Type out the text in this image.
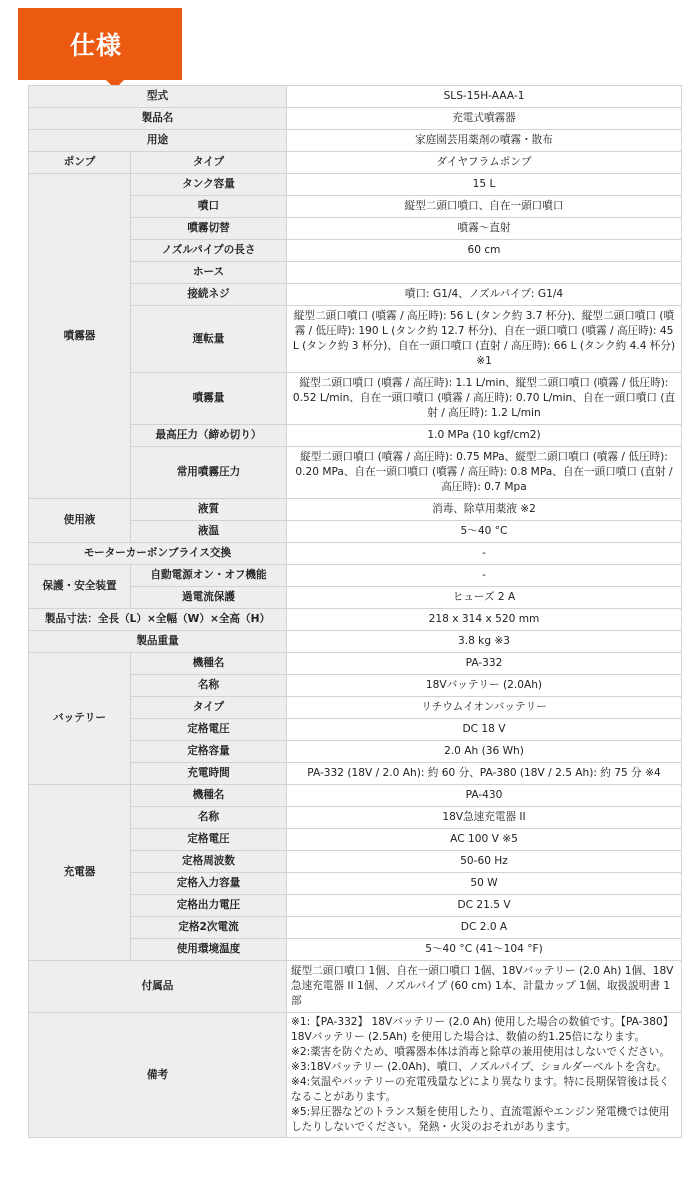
仕様
型式		SLS-15H-AAA-1
製品名		充電式噴霧器
用途		家庭園芸用薬剤の噴霧・散布
ポンプ	タイプ	ダイヤフラムポンプ
噴霧器	タンク容量	15 L
	噴口	縦型二頭口噴口、自在一頭口噴口
	噴霧切替	噴霧〜直射
	ノズルパイプの長さ	60 cm
	ホース	
	接続ネジ	噴口: G1/4、ノズルパイプ: G1/4
	運転量	縦型二頭口噴口 (噴霧 / 高圧時): 56 L (タンク約 3.7 杯分)、縦型二頭口噴口 (噴霧 / 低圧時): 190 L (タンク約 12.7 杯分)、自在一頭口噴口 (噴霧 / 高圧時): 45 L (タンク約 3 杯分)、自在一頭口噴口 (直射 / 高圧時): 66 L (タンク約 4.4 杯分) ※1
	噴霧量	縦型二頭口噴口 (噴霧 / 高圧時): 1.1 L/min、縦型二頭口噴口 (噴霧 / 低圧時): 0.52 L/min、自在一頭口噴口 (噴霧 / 高圧時): 0.70 L/min、自在一頭口噴口 (直射 / 高圧時): 1.2 L/min
	最高圧力（締め切り）	1.0 MPa (10 kgf/cm2)
	常用噴霧圧力	縦型二頭口噴口 (噴霧 / 高圧時): 0.75 MPa、縦型二頭口噴口 (噴霧 / 低圧時): 0.20 MPa、自在一頭口噴口 (噴霧 / 高圧時): 0.8 MPa、自在一頭口噴口 (直射 / 高圧時): 0.7 Mpa
使用液	液質	消毒、除草用薬液 ※2
	液温	5〜40 °C
モーターカーボンブライス交換		-
保護・安全装置	自動電源オン・オフ機能	-
	過電流保護	ヒューズ 2 A
製品寸法：全長（L）×全幅（W）×全高（H）		218 x 314 x 520 mm
製品重量		3.8 kg ※3
バッテリー	機種名	PA-332
	名称	18Vバッテリー (2.0Ah)
	タイプ	リチウムイオンバッテリー
	定格電圧	DC 18 V
	定格容量	2.0 Ah (36 Wh)
	充電時間	PA-332 (18V / 2.0 Ah): 約 60 分、PA-380 (18V / 2.5 Ah): 約 75 分 ※4
充電器	機種名	PA-430
	名称	18V急速充電器 II
	定格電圧	AC 100 V ※5
	定格周波数	50-60 Hz
	定格入力容量	50 W
	定格出力電圧	DC 21.5 V
	定格2次電流	DC 2.0 A
	使用環境温度	5〜40 °C (41〜104 °F)
付属品		縦型二頭口噴口 1個、自在一頭口噴口 1個、18Vバッテリー (2.0 Ah) 1個、18V急速充電器 II 1個、ノズルパイプ (60 cm) 1本、計量カップ 1個、取扱説明書 1部
備考		※1:【PA-332】 18Vバッテリー (2.0 Ah) 使用した場合の数値です。【PA-380】 18Vバッテリー (2.5Ah) を使用した場合は、数値の約1.25倍になります。
※2:薬害を防ぐため、噴霧器本体は消毒と除草の兼用使用はしないでください。
※3:18Vバッテリー (2.0Ah)、噴口、ノズルパイプ、ショルダーベルトを含む。
※4:気温やバッテリーの充電残量などにより異なります。特に長期保管後は長くなることがあります。
※5:昇圧器などのトランス類を使用したり、直流電源やエンジン発電機では使用したりしないでください。発熱・火災のおそれがあります。
